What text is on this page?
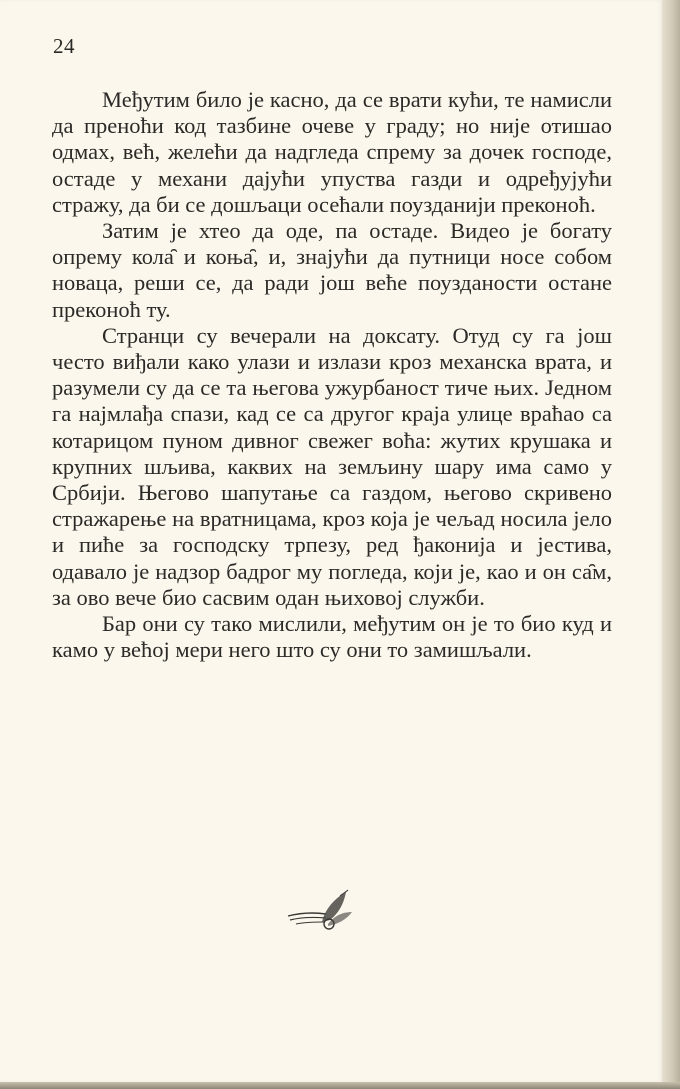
24

Међутим било је касно, да се врати кући, те намисли да преноћи код тазбине очеве у граду; но није отишао одмах, већ, желећи да надгледа спрему за дочек господе, остаде у механи дајући упуства газди и одређујући стражу, да би се дошљаци осећали поузданији преконоћ.

Затим је хтео да оде, па остаде. Видео је богату опрему кола̑ и коња̑, и, знајући да путници носе собом новаца, реши се, да ради још веће поузданости остане преконоћ ту.

Странци су вечерали на доксату. Отуд су га још често виђали како улази и излази кроз механска врата, и разумели су да се та његова ужурбаност тиче њих. Једном га најмлађа спази, кад се са другог краја улице враћао са котарицом пуном дивног свежег воћа: жутих крушака и крупних шљива, каквих на земљину шару има само у Србији. Његово шапутање са газдом, његово скривено стражарење на вратницама, кроз која је чељад носила јело и пиће за господску трпезу, ред ђаконија и јестива, одавало је надзор бадрог му погледа, који је, као и он са̑м, за ово вече био сасвим одан њиховој служби.

Бар они су тако мислили, међутим он је то био куд и камо у већој мери него што су они то замишљали.
